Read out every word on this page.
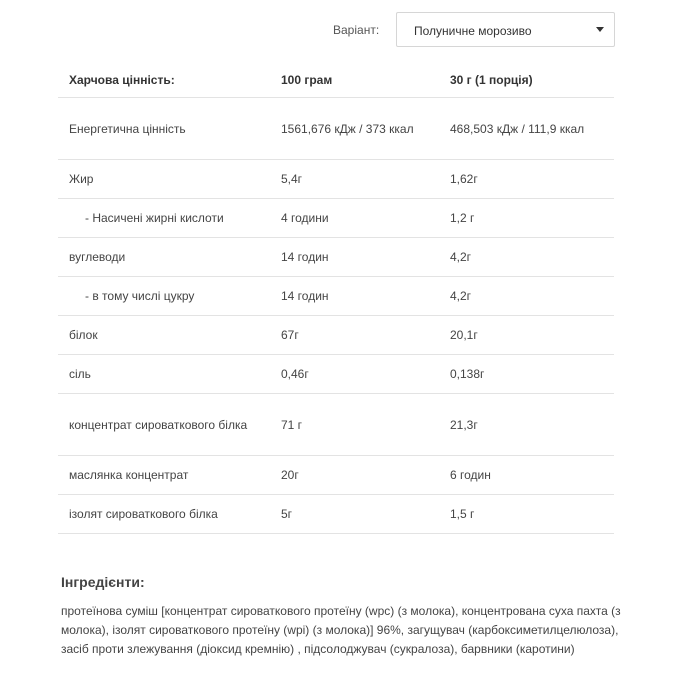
Варіант:	Полуничне морозиво
Харчова цінність:	100 грам	30 г (1 порція)
Енергетична цінність	1561,676 кДж / 373 ккал	468,503 кДж / 111,9 ккал
Жир	5,4г	1,62г
- Насичені жирні кислоти	4 години	1,2 г
вуглеводи	14 годин	4,2г
- в тому числі цукру	14 годин	4,2г
білок	67г	20,1г
сіль	0,46г	0,138г
концентрат сироваткового білка	71 г	21,3г
маслянка концентрат	20г	6 годин
ізолят сироваткового білка	5г	1,5 г
Інгредієнти:

протеїнова суміш [концентрат сироваткового протеїну (wpc) (з молока), концентрована суха пахта (з молока), ізолят сироваткового протеїну (wpi) (з молока)] 96%, загущувач (карбоксиметилцелюлоза), засіб проти злежування (діоксид кремнію) , підсолоджувач (сукралоза), барвники (каротини)
